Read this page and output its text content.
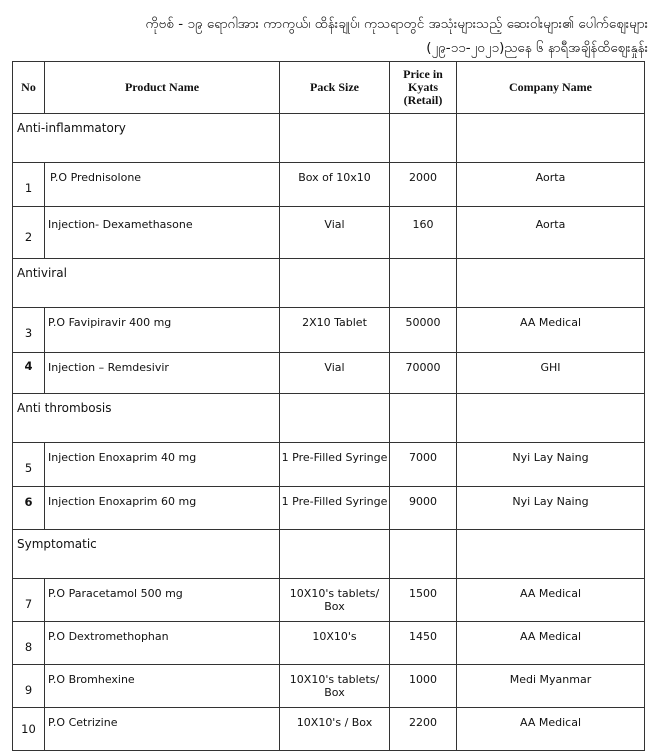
ကိုဗစ် - ၁၉ ရောဂါအား ကာကွယ်၊ ထိန်းချုပ်၊ ကုသရာတွင် အသုံးများသည့် ဆေးဝါးများ၏ ပေါက်ဈေးများ
(၂၉-၁၁-၂၀၂၁)ညနေ ၆ နာရီအချိန်ထိဈေးနှုန်း
No	Product Name	Pack Size	Price in Kyats (Retail)	Company Name
Anti-inflammatory				
1	P.O Prednisolone	Box of 10x10	2000	Aorta
2	Injection- Dexamethasone	Vial	160	Aorta
Antiviral				
3	P.O Favipiravir 400 mg	2X10 Tablet	50000	AA Medical
4	Injection – Remdesivir	Vial	70000	GHI
Anti thrombosis				
5	Injection Enoxaprim 40 mg	1 Pre-Filled Syringe	7000	Nyi Lay Naing
6	Injection Enoxaprim 60 mg	1 Pre-Filled Syringe	9000	Nyi Lay Naing
Symptomatic				
7	P.O Paracetamol 500 mg	10X10's tablets/ Box	1500	AA Medical
8	P.O Dextromethophan	10X10's	1450	AA Medical
9	P.O Bromhexine	10X10's tablets/ Box	1000	Medi Myanmar
10	P.O Cetrizine	10X10's / Box	2200	AA Medical
